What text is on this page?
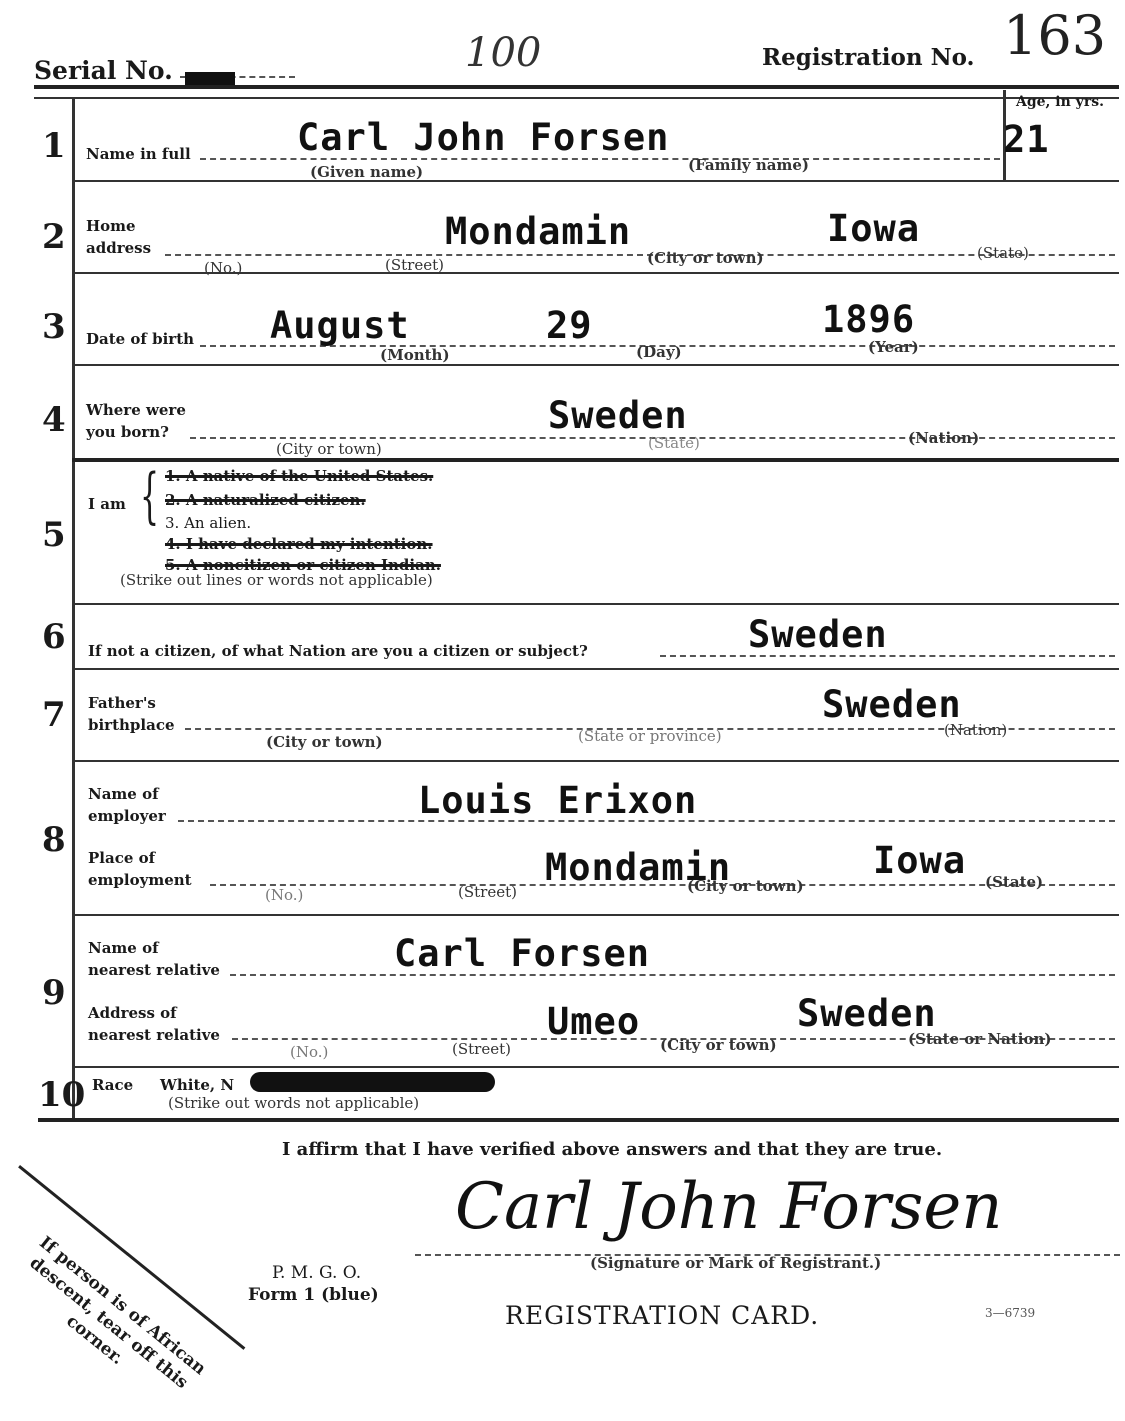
Serial No.	100	Registration No. 163
1 Name in full	Carl John Forsen
(Given name)	(Family name)
Age, in yrs.
21
2 Home
address	Mondamin	Iowa
(No.)	(Street)	(City or town)	(State)
3 Date of birth August	29	1896
(Month)	(Day)	(Year)
4 Where were
you born?	Sweden
(City or town)	(State)	(Nation)
5
I am { 1. A native of the United States.
2. A naturalized citizen.
3. An alien.
4. I have declared my intention.
5. A noncitizen or citizen Indian.
(Strike out lines or words not applicable)
6 If not a citizen, of what Nation are you a citizen or subject?	Sweden
7 Father's
birthplace	Sweden
(City or town)	(State or province)	(Nation)
8
Name of
employer	Louis Erixon
Place of
employment	Mondamin	Iowa
(No.)	(Street)	(City or town)	(State)
9
Name of
nearest relative	Carl Forsen
Address of
nearest relative	Umeo	Sweden
(No.)	(Street)	(City or town)	(State or Nation)
10 Race White, N
(Strike out words not applicable)
I affirm that I have verified above answers and that they are true.
Carl John Forsen
(Signature or Mark of Registrant.)
P. M. G. O.
Form 1 (blue)
REGISTRATION CARD.	3—6739
If person is of African descent, tear off this corner.
